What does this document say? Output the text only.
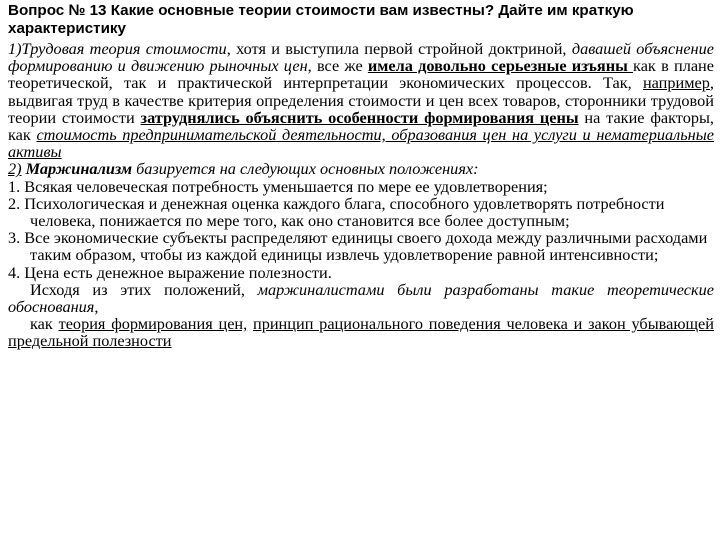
Вопрос № 13 Какие основные теории стоимости вам известны? Дайте им краткую характеристику

1)Трудовая теория стоимости, хотя и выступила первой стройной доктриной, давашей объяснение формированию и движению рыночных цен, все же имела довольно серьезные изъяны как в плане теоретической, так и практической интерпретации экономических процессов. Так, например, выдвигая труд в качестве критерия определения стоимости и цен всех товаров, сторонники трудовой теории стоимости затруднялись объяснить особенности формирования цены на такие факторы, как стоимость предпринимательской деятельности, образования цен на услуги и нематериальные активы

2) Маржинализм базируется на следующих основных положениях:

1. Всякая человеческая потребность уменьшается по мере ее удовлетворения;

2. Психологическая и денежная оценка каждого блага, способного удовлетворять потребности человека, понижается по мере того, как оно становится все более доступным;

3. Все экономические субъекты распределяют единицы своего дохода между различными расходами таким образом, чтобы из каждой единицы извлечь удовлетворение равной интенсивности;

4. Цена есть денежное выражение полезности.

Исходя из этих положений, маржиналистами были разработаны такие теоретические обоснования,

как теория формирования цен, принцип рационального поведения человека и закон убывающей предельной полезности
